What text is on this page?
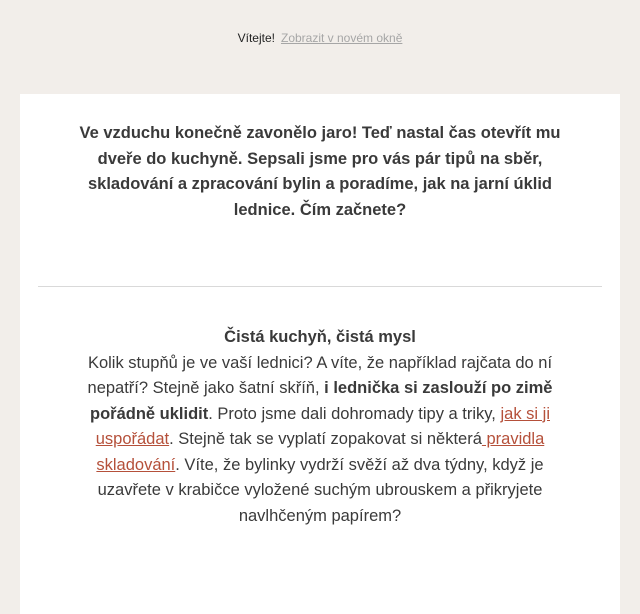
Vítejte! Zobrazit v novém okně

Ve vzduchu konečně zavonělo jaro! Teď nastal čas otevřít mu dveře do kuchyně. Sepsali jsme pro vás pár tipů na sběr, skladování a zpracování bylin a poradíme, jak na jarní úklid lednice. Čím začnete?

Čistá kuchyň, čistá mysl

Kolik stupňů je ve vaší lednici? A víte, že například rajčata do ní nepatří? Stejně jako šatní skříň, i lednička si zaslouží po zimě pořádně uklidit. Proto jsme dali dohromady tipy a triky, jak si ji uspořádat. Stejně tak se vyplatí zopakovat si některá pravidla skladování. Víte, že bylinky vydrží svěží až dva týdny, když je uzavřete v krabičce vyložené suchým ubrouskem a přikryjete navlhčeným papírem?
